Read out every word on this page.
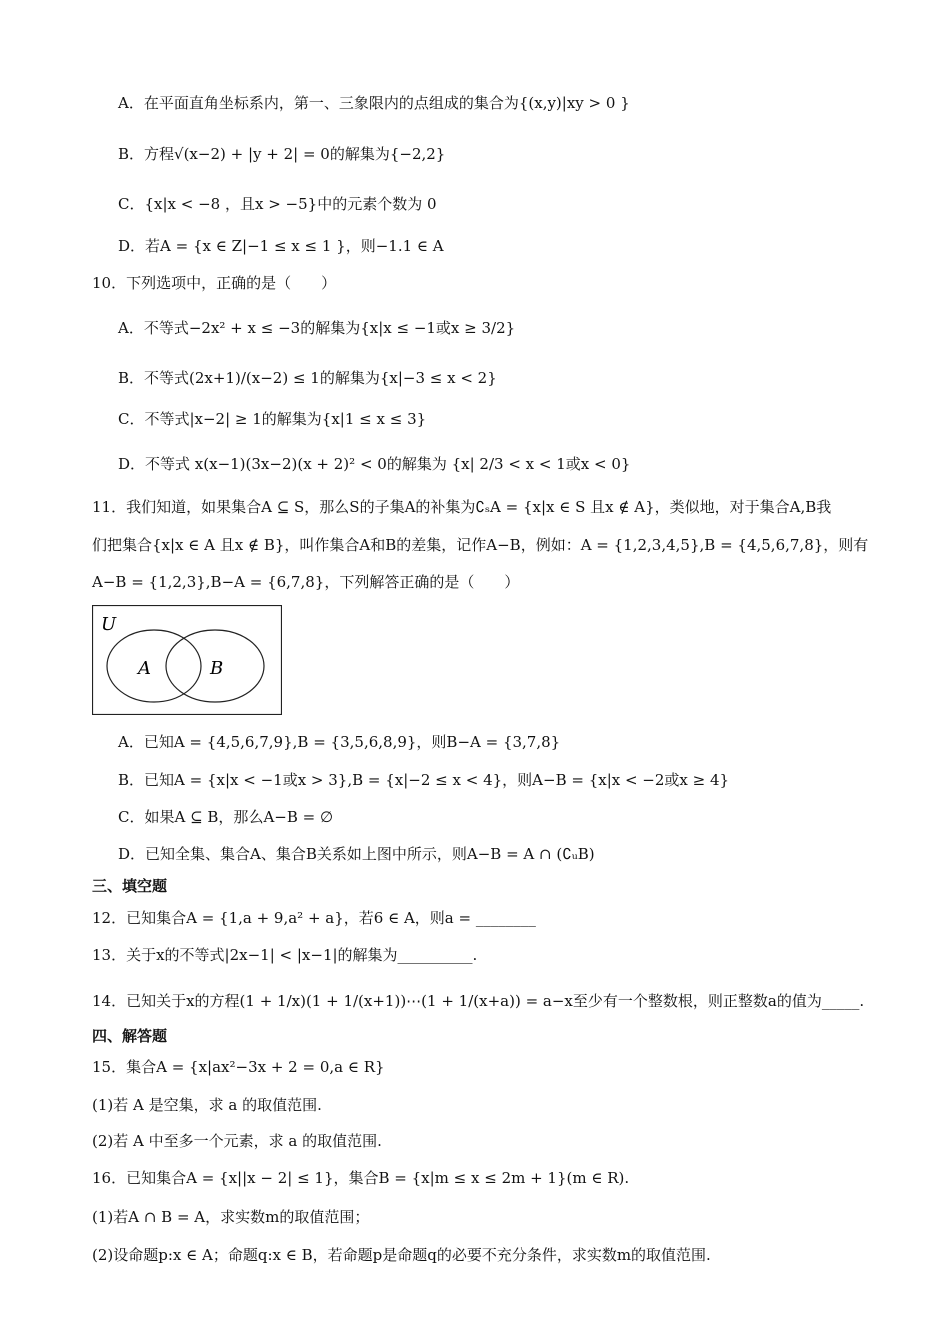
A．在平面直角坐标系内，第一、三象限内的点组成的集合为{(x,y)|xy > 0 }
B．方程√(x−2) + |y + 2| = 0的解集为{−2,2}
C．{x|x < −8 ，且x > −5}中的元素个数为 0
D．若A = {x ∈ Z|−1 ≤ x ≤ 1 }，则−1.1 ∈ A
10．下列选项中，正确的是（　　）
A．不等式−2x² + x ≤ −3的解集为{x|x ≤ −1或x ≥ 3/2}
B．不等式(2x+1)/(x−2) ≤ 1的解集为{x|−3 ≤ x < 2}
C．不等式|x−2| ≥ 1的解集为{x|1 ≤ x ≤ 3}
D．不等式 x(x−1)(3x−2)(x + 2)² < 0的解集为 {x| 2/3 < x < 1或x < 0}
11．我们知道，如果集合A ⊆ S，那么S的子集A的补集为∁ₛA = {x|x ∈ S 且x ∉ A}，类似地，对于集合A,B我
们把集合{x|x ∈ A 且x ∉ B}，叫作集合A和B的差集，记作A−B，例如：A = {1,2,3,4,5},B = {4,5,6,7,8}，则有
A−B = {1,2,3},B−A = {6,7,8}，下列解答正确的是（　　）
U
A	B
A．已知A = {4,5,6,7,9},B = {3,5,6,8,9}，则B−A = {3,7,8}
B．已知A = {x|x < −1或x > 3},B = {x|−2 ≤ x < 4}，则A−B = {x|x < −2或x ≥ 4}
C．如果A ⊆ B，那么A−B = ∅
D．已知全集、集合A、集合B关系如上图中所示，则A−B = A ∩ (∁ᵤB)
三、填空题
12．已知集合A = {1,a + 9,a² + a}，若6 ∈ A，则a = ________
13．关于x的不等式|2x−1| < |x−1|的解集为__________.
14．已知关于x的方程(1 + 1/x)(1 + 1/(x+1))⋯(1 + 1/(x+a)) = a−x至少有一个整数根，则正整数a的值为_____.
四、解答题
15．集合A = {x|ax²−3x + 2 = 0,a ∈ R}
(1)若 A 是空集，求 a 的取值范围.
(2)若 A 中至多一个元素，求 a 的取值范围.
16．已知集合A = {x||x − 2| ≤ 1}，集合B = {x|m ≤ x ≤ 2m + 1}(m ∈ R).
(1)若A ∩ B = A，求实数m的取值范围；
(2)设命题p:x ∈ A；命题q:x ∈ B，若命题p是命题q的必要不充分条件，求实数m的取值范围.
